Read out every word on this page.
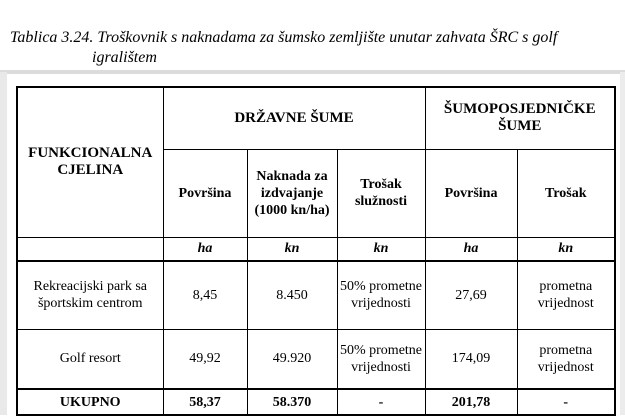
Tablica 3.24. Troškovnik s naknadama za šumsko zemljište unutar zahvata ŠRC s golf
igralištem
FUNKCIONALNA CJELINA	DRŽAVNE ŠUME			ŠUMOPOSJEDNIČKE ŠUME	
	Površina	Naknada za izdvajanje (1000 kn/ha)	Trošak služnosti	Površina	Trošak
	ha	kn	kn	ha	kn
Rekreacijski park sa športskim centrom	8,45	8.450	50% prometne vrijednosti	27,69	prometna vrijednost
Golf resort	49,92	49.920	50% prometne vrijednosti	174,09	prometna vrijednost
UKUPNO	58,37	58.370	-	201,78	-
